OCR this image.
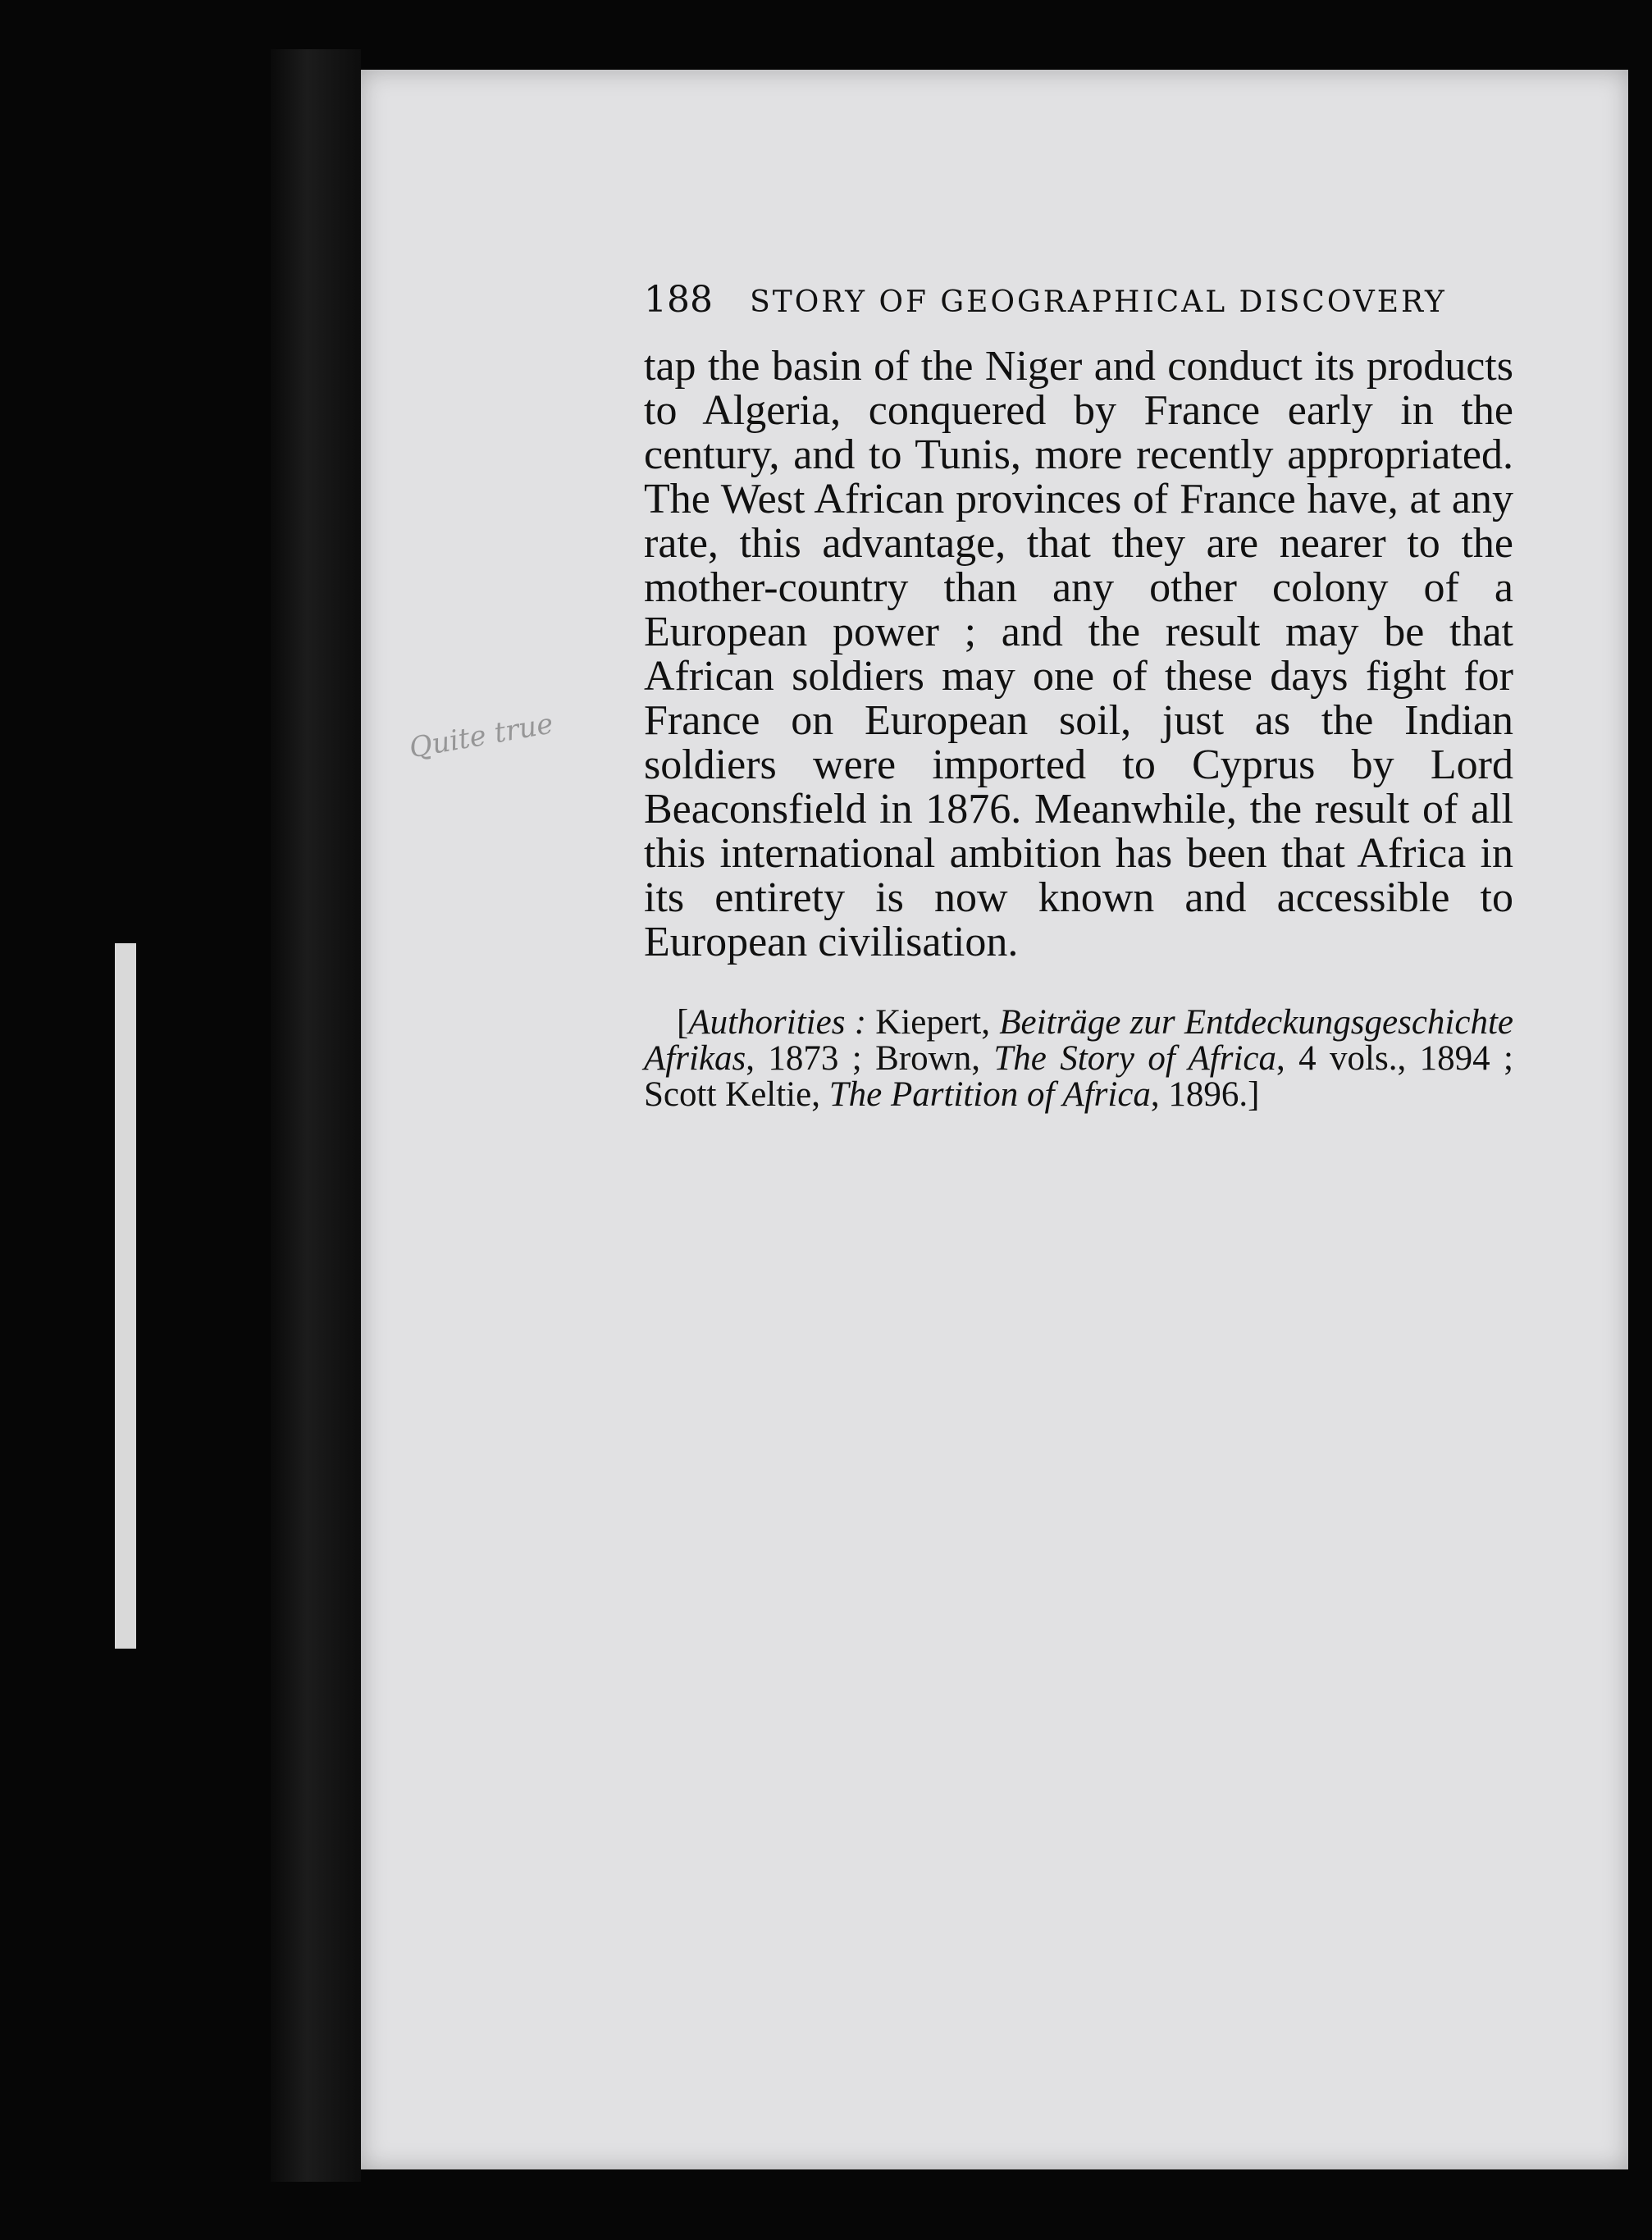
188 STORY OF GEOGRAPHICAL DISCOVERY

tap the basin of the Niger and conduct its products to Algeria, conquered by France early in the century, and to Tunis, more recently appropriated. The West African provinces of France have, at any rate, this advantage, that they are nearer to the mother-country than any other colony of a European power ; and the result may be that African soldiers may one of these days fight for France on European soil, just as the Indian soldiers were imported to Cyprus by Lord Beaconsfield in 1876. Meanwhile, the result of all this international ambition has been that Africa in its entirety is now known and accessible to European civilisation.

[Authorities : Kiepert, Beiträge zur Entdeckungsgeschichte Afrikas, 1873 ; Brown, The Story of Africa, 4 vols., 1894 ; Scott Keltie, The Partition of Africa, 1896.]
Quite true
